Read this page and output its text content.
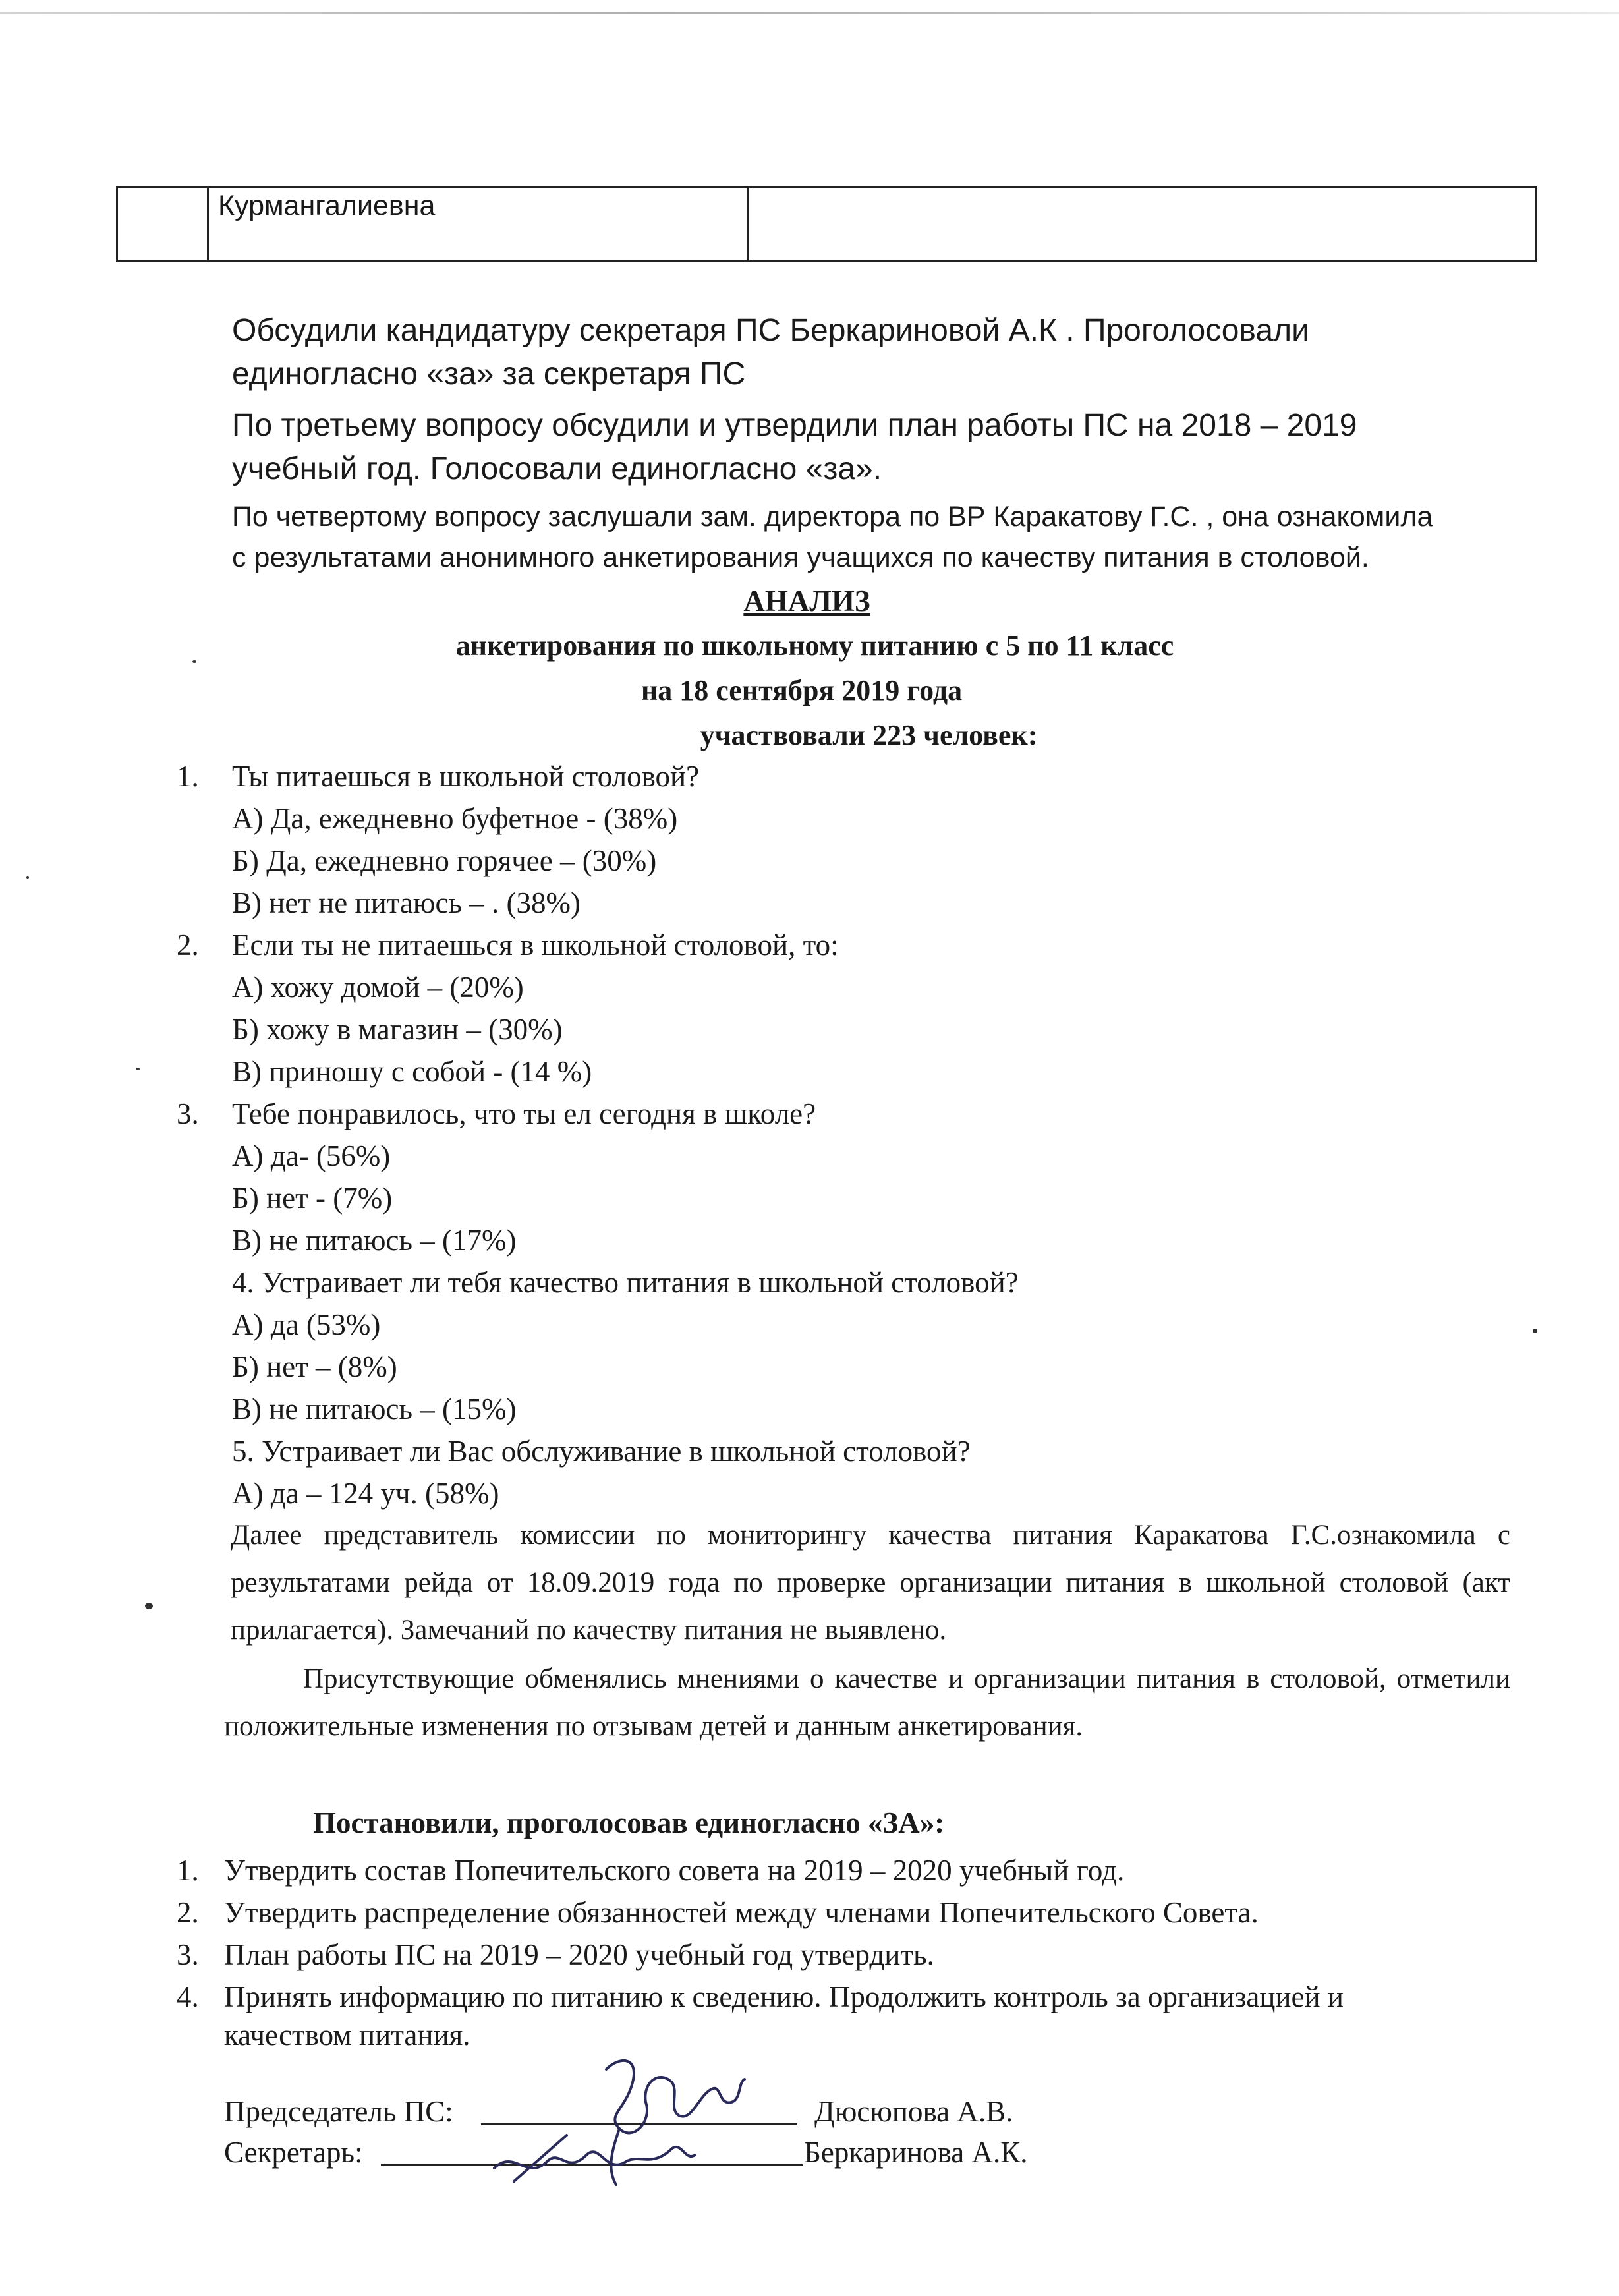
Курмангалиевна
Обсудили кандидатуру секретаря ПС Беркариновой А.К . Проголосовали
единогласно «за» за секретаря ПС
По третьему вопросу обсудили и утвердили план работы ПС на 2018 – 2019
учебный год. Голосовали единогласно «за».
По четвертому вопросу заслушали зам. директора по ВР Каракатову Г.С. , она ознакомила
с результатами анонимного анкетирования учащихся по качеству питания в столовой.
АНАЛИЗ
анкетирования по школьному питанию с 5 по 11 класс
на 18 сентября 2019 года
участвовали 223 человек:
1. Ты питаешься в школьной столовой?
А) Да, ежедневно буфетное - (38%)
Б) Да, ежедневно горячее – (30%)
В) нет не питаюсь – . (38%)
2. Если ты не питаешься в школьной столовой, то:
А) хожу домой – (20%)
Б) хожу в магазин – (30%)
В) приношу с собой - (14 %)
3. Тебе понравилось, что ты ел сегодня в школе?
А) да- (56%)
Б) нет - (7%)
В) не питаюсь – (17%)
4. Устраивает ли тебя качество питания в школьной столовой?
А) да (53%)
Б) нет – (8%)
В) не питаюсь – (15%)
5. Устраивает ли Вас обслуживание в школьной столовой?
А) да – 124 уч. (58%)
Далее представитель комиссии по мониторингу качества питания Каракатова Г.С.ознакомила с результатами рейда от 18.09.2019 года по проверке организации питания в школьной столовой (акт прилагается). Замечаний по качеству питания не выявлено.
Присутствующие обменялись мнениями о качестве и организации питания в столовой, отметили положительные изменения по отзывам детей и данным анкетирования.
Постановили, проголосовав единогласно «ЗА»:
1. Утвердить состав Попечительского совета на 2019 – 2020 учебный год.
2. Утвердить распределение обязанностей между членами Попечительского Совета.
3. План работы ПС на 2019 – 2020 учебный год утвердить.
4. Принять информацию по питанию к сведению. Продолжить контроль за организацией и
качеством питания.
Председатель ПС:	Дюсюпова А.В.
Секретарь:	Беркаринова А.К.
